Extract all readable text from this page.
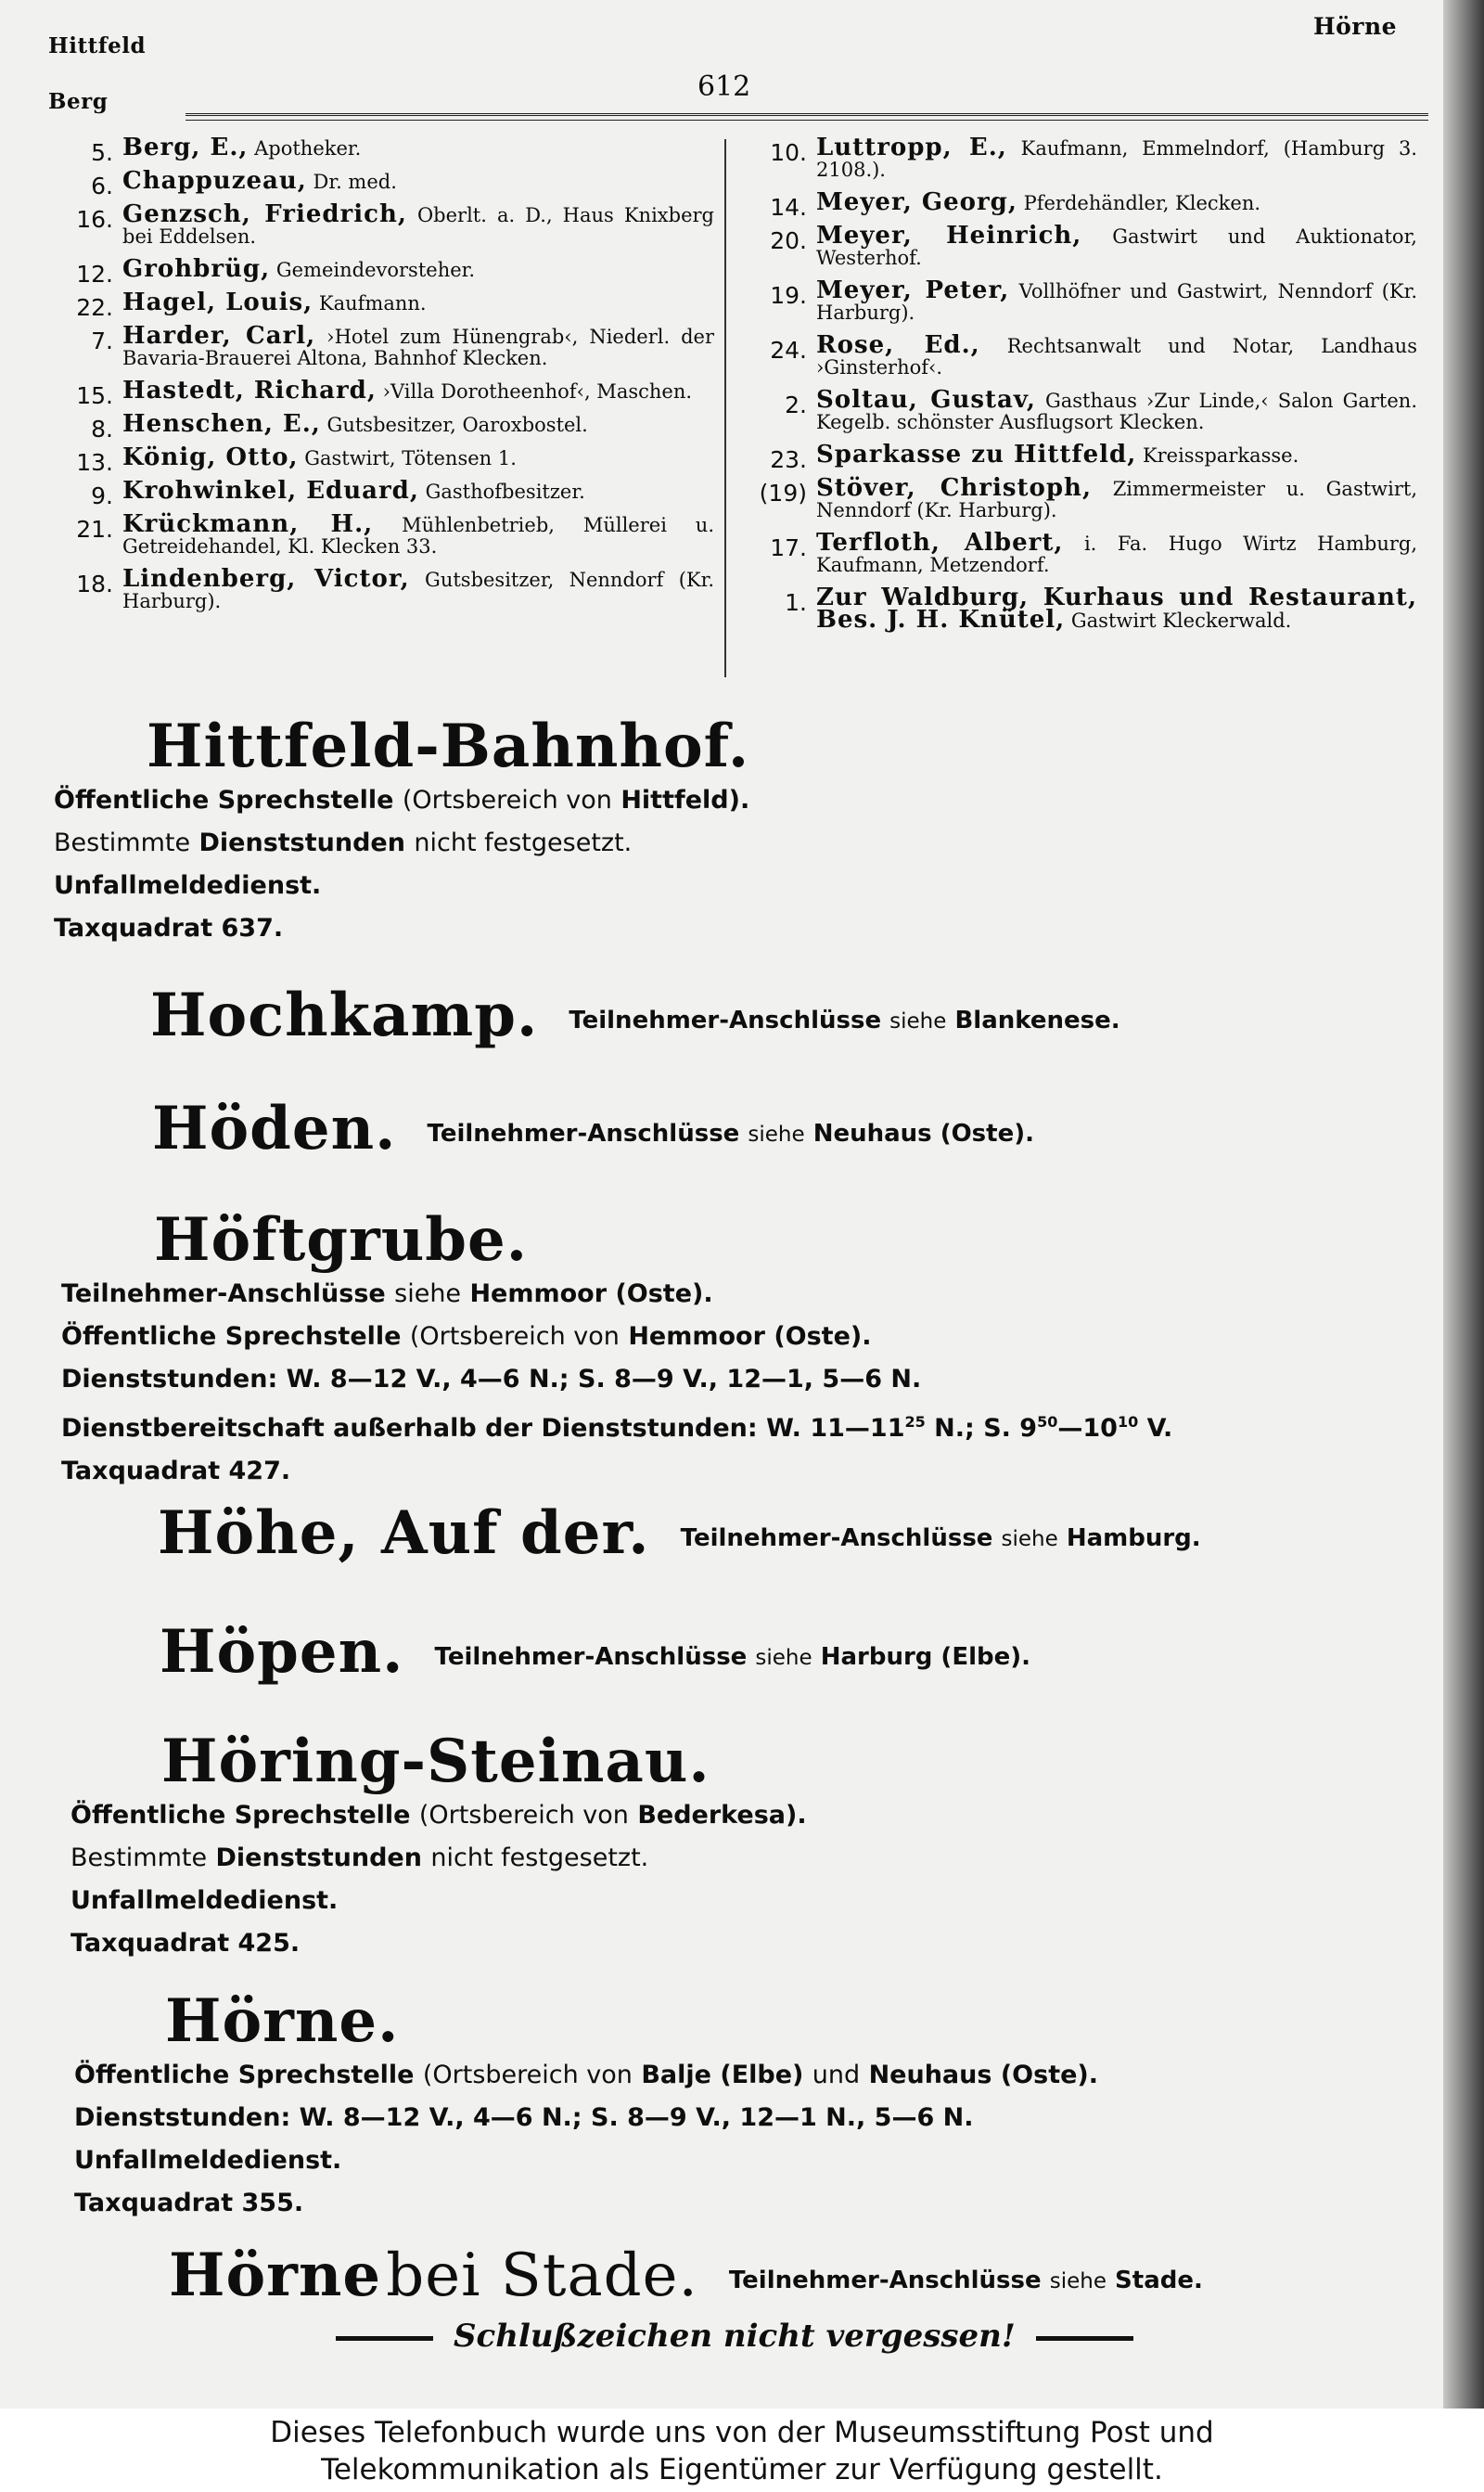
Hittfeld
Berg
Hörne
612
5. Berg, E., Apotheker.
6. Chappuzeau, Dr. med.
16. Genzsch, Friedrich, Oberlt. a. D., Haus Knixberg bei Eddelsen.
12. Grohbrüg, Gemeindevorsteher.
22. Hagel, Louis, Kaufmann.
7. Harder, Carl, ›Hotel zum Hünengrab‹, Niederl. der Bavaria-Brauerei Altona, Bahnhof Klecken.
15. Hastedt, Richard, ›Villa Dorotheenhof‹, Maschen.
8. Henschen, E., Gutsbesitzer, Oaroxbostel.
13. König, Otto, Gastwirt, Tötensen 1.
9. Krohwinkel, Eduard, Gasthofbesitzer.
21. Krückmann, H., Mühlenbetrieb, Müllerei u. Getreidehandel, Kl. Klecken 33.
18. Lindenberg, Victor, Gutsbesitzer, Nenndorf (Kr. Harburg).
10. Luttropp, E., Kaufmann, Emmelndorf, (Hamburg 3. 2108.).
14. Meyer, Georg, Pferdehändler, Klecken.
20. Meyer, Heinrich, Gastwirt und Auktionator, Westerhof.
19. Meyer, Peter, Vollhöfner und Gastwirt, Nenndorf (Kr. Harburg).
24. Rose, Ed., Rechtsanwalt und Notar, Landhaus ›Ginsterhof‹.
2. Soltau, Gustav, Gasthaus ›Zur Linde,‹ Salon Garten. Kegelb. schönster Ausflugsort Klecken.
23. Sparkasse zu Hittfeld, Kreissparkasse.
(19) Stöver, Christoph, Zimmermeister u. Gastwirt, Nenndorf (Kr. Harburg).
17. Terfloth, Albert, i. Fa. Hugo Wirtz Hamburg, Kaufmann, Metzendorf.
1. Zur Waldburg, Kurhaus und Restaurant, Bes. J. H. Knütel, Gastwirt Kleckerwald.
Hittfeld-Bahnhof.
Öffentliche Sprechstelle (Ortsbereich von Hittfeld).
Bestimmte Dienststunden nicht festgesetzt.
Unfallmeldedienst.
Taxquadrat 637.
Hochkamp. Teilnehmer-Anschlüsse siehe Blankenese.
Höden. Teilnehmer-Anschlüsse siehe Neuhaus (Oste).
Höftgrube.
Teilnehmer-Anschlüsse siehe Hemmoor (Oste).
Öffentliche Sprechstelle (Ortsbereich von Hemmoor (Oste).
Dienststunden: W. 8—12 V., 4—6 N.; S. 8—9 V., 12—1, 5—6 N.
Dienstbereitschaft außerhalb der Dienststunden: W. $11—11^{25}$ N.; S. $9^{50}—10^{10}$ V.
Taxquadrat 427.
Höhe, Auf der. Teilnehmer-Anschlüsse siehe Hamburg.
Höpen. Teilnehmer-Anschlüsse siehe Harburg (Elbe).
Höring-Steinau.
Öffentliche Sprechstelle (Ortsbereich von Bederkesa).
Bestimmte Dienststunden nicht festgesetzt.
Unfallmeldedienst.
Taxquadrat 425.
Hörne.
Öffentliche Sprechstelle (Ortsbereich von Balje (Elbe) und Neuhaus (Oste).
Dienststunden: W. 8—12 V., 4—6 N.; S. 8—9 V., 12—1 N., 5—6 N.
Unfallmeldedienst.
Taxquadrat 355.
Hörne bei Stade. Teilnehmer-Anschlüsse siehe Stade.
Schlußzeichen nicht vergessen!
Dieses Telefonbuch wurde uns von der Museumsstiftung Post und
Telekommunikation als Eigentümer zur Verfügung gestellt.
